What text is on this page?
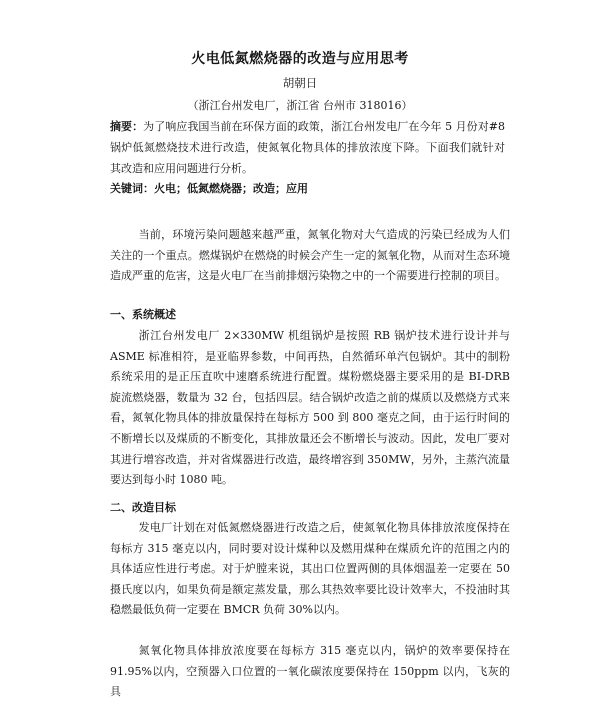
火电低氮燃烧器的改造与应用思考
胡朝日
（浙江台州发电厂，浙江省 台州市 318016）
摘要：为了响应我国当前在环保方面的政策，浙江台州发电厂在今年 5 月份对#8 锅炉低氮燃烧技术进行改造，使氮氧化物具体的排放浓度下降。下面我们就针对其改造和应用问题进行分析。
关键词：火电；低氮燃烧器；改造；应用
当前，环境污染问题越来越严重，氮氧化物对大气造成的污染已经成为人们关注的一个重点。燃煤锅炉在燃烧的时候会产生一定的氮氧化物，从而对生态环境造成严重的危害，这是火电厂在当前排烟污染物之中的一个需要进行控制的项目。
一、系统概述
浙江台州发电厂 2×330MW 机组锅炉是按照 RB 锅炉技术进行设计并与 ASME 标准相符，是亚临界参数，中间再热，自然循环单汽包锅炉。其中的制粉系统采用的是正压直吹中速磨系统进行配置。煤粉燃烧器主要采用的是 BI-DRB 旋流燃烧器，数量为 32 台，包括四层。结合锅炉改造之前的煤质以及燃烧方式来看，氮氧化物具体的排放量保持在每标方 500 到 800 毫克之间，由于运行时间的不断增长以及煤质的不断变化，其排放量还会不断增长与波动。因此，发电厂要对其进行增容改造，并对省煤器进行改造，最终增容到 350MW，另外，主蒸汽流量要达到每小时 1080 吨。
二、改造目标
发电厂计划在对低氮燃烧器进行改造之后，使氮氧化物具体排放浓度保持在每标方 315 毫克以内，同时要对设计煤种以及燃用煤种在煤质允许的范围之内的具体适应性进行考虑。对于炉膛来说，其出口位置两侧的具体烟温差一定要在 50 摄氏度以内，如果负荷是额定蒸发量，那么其热效率要比设计效率大，不投油时其稳燃最低负荷一定要在 BMCR 负荷 30%以内。
氮氧化物具体排放浓度要在每标方 315 毫克以内，锅炉的效率要保持在 91.95%以内，空预器入口位置的一氧化碳浓度要保持在 150ppm 以内，飞灰的具
